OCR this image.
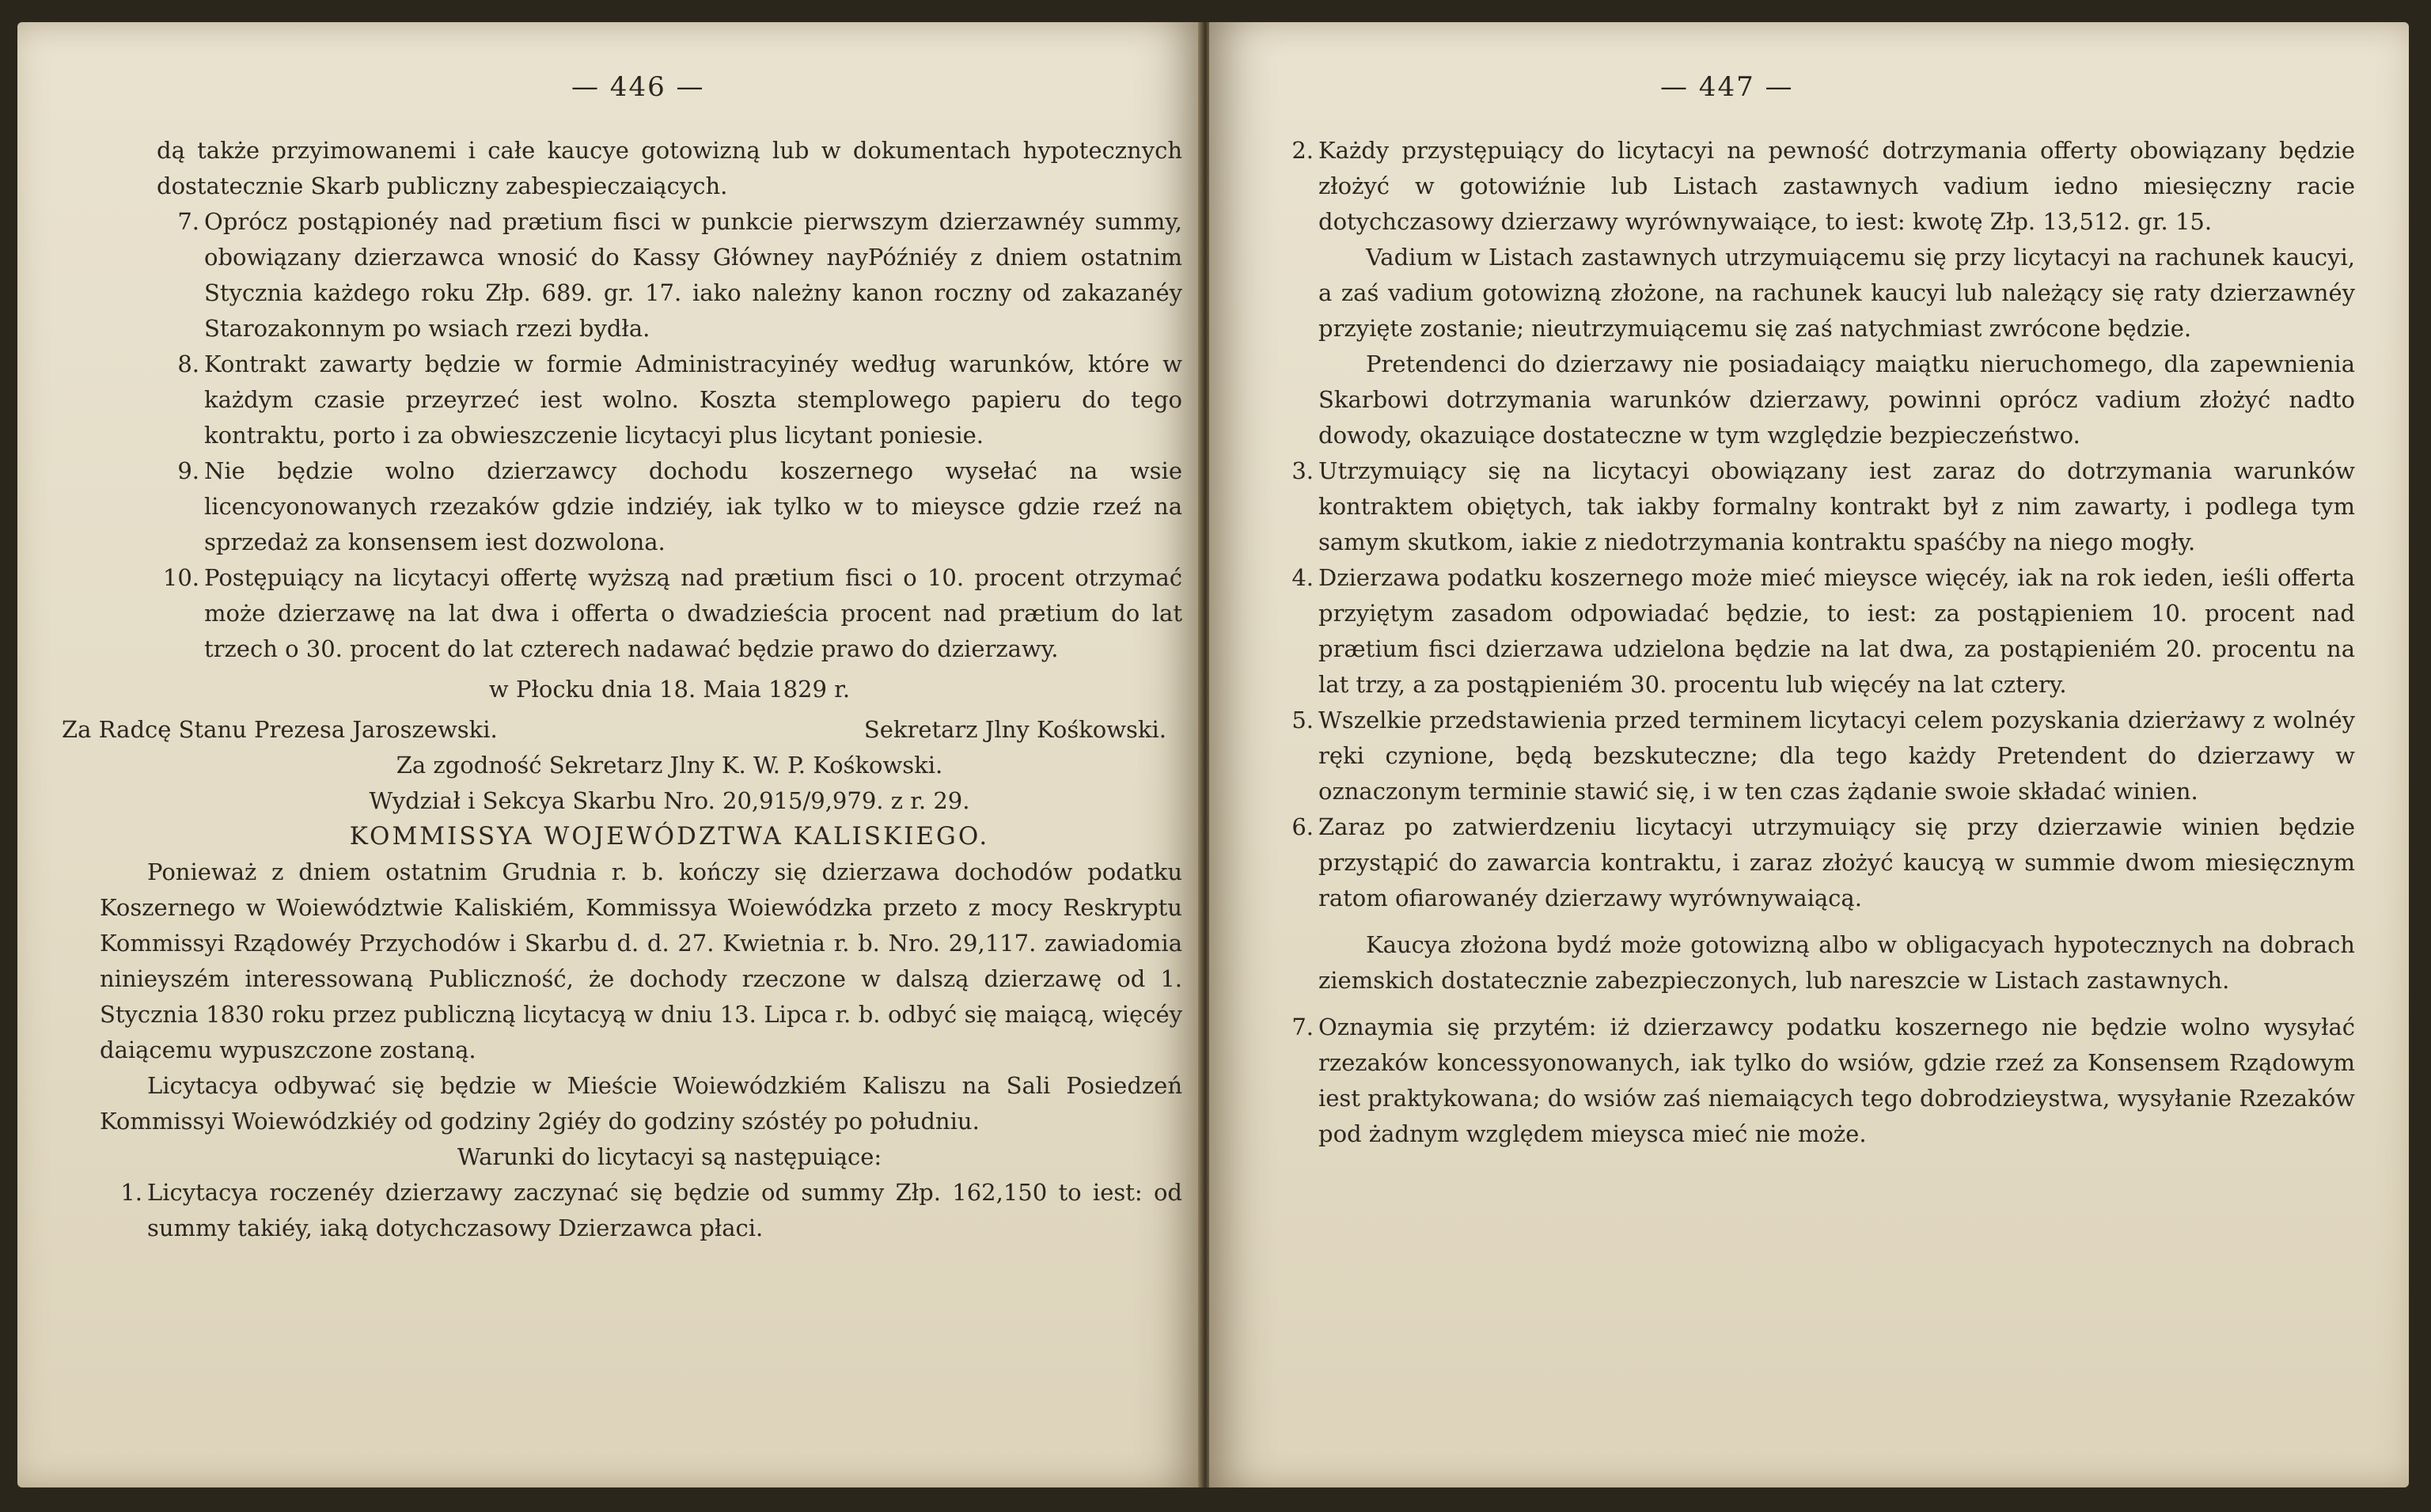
— 446 —

dą także przyimowanemi i całe kaucye gotowizną lub w dokumentach hypotecznych dostatecznie Skarb publiczny zabespieczaiących.

7. Oprócz postąpionéy nad prætium fisci w punkcie pierwszym dzierzawnéy summy, obowiązany dzierzawca wnosić do Kassy Główney nayPóźniéy z dniem ostatnim Stycznia każdego roku Złp. 689. gr. 17. iako należny kanon roczny od zakazanéy Starozakonnym po wsiach rzezi bydła.
8. Kontrakt zawarty będzie w formie Administracyinéy według warunków, które w każdym czasie przeyrzeć iest wolno. Koszta stemplowego papieru do tego kontraktu, porto i za obwieszczenie licytacyi plus licytant poniesie.
9. Nie będzie wolno dzierzawcy dochodu koszernego wysełać na wsie licencyonowanych rzezaków gdzie indziéy, iak tylko w to mieysce gdzie rzeź na sprzedaż za konsensem iest dozwolona.
10. Postępuiący na licytacyi offertę wyższą nad prætium fisci o 10. procent otrzymać może dzierzawę na lat dwa i offerta o dwadzieścia procent nad prætium do lat trzech o 30. procent do lat czterech nadawać będzie prawo do dzierzawy.

w Płocku dnia 18. Maia 1829 r.

Za Radcę Stanu Prezesa Jaroszewski.	Sekretarz Jlny Kośkowski.

Za zgodność Sekretarz Jlny K. W. P. Kośkowski.

Wydział i Sekcya Skarbu Nro. 20,915/9,979. z r. 29.

KOMMISSYA WOJEWÓDZTWA KALISKIEGO.

Ponieważ z dniem ostatnim Grudnia r. b. kończy się dzierzawa dochodów podatku Koszernego w Woiewództwie Kaliskiém, Kommissya Woiewódzka przeto z mocy Reskryptu Kommissyi Rządowéy Przychodów i Skarbu d. d. 27. Kwietnia r. b. Nro. 29,117. zawiadomia ninieyszém interessowaną Publiczność, że dochody rzeczone w dalszą dzierzawę od 1. Stycznia 1830 roku przez publiczną licytacyą w dniu 13. Lipca r. b. odbyć się maiącą, więcéy daiącemu wypuszczone zostaną.

Licytacya odbywać się będzie w Mieście Woiewódzkiém Kaliszu na Sali Posiedzeń Kommissyi Woiewódzkiéy od godziny 2giéy do godziny szóstéy po południu.

Warunki do licytacyi są następuiące:

1. Licytacya roczenéy dzierzawy zaczynać się będzie od summy Złp. 162,150 to iest: od summy takiéy, iaką dotychczasowy Dzierzawca płaci.
— 447 —
2. Każdy przystępuiący do licytacyi na pewność dotrzymania offerty obowiązany będzie złożyć w gotowiźnie lub Listach zastawnych vadium iedno miesięczny racie dotychczasowy dzierzawy wyrównywaiące, to iest: kwotę Złp. 13,512. gr. 15.

Vadium w Listach zastawnych utrzymuiącemu się przy licytacyi na rachunek kaucyi, a zaś vadium gotowizną złożone, na rachunek kaucyi lub należący się raty dzierzawnéy przyięte zostanie; nieutrzymuiącemu się zaś natychmiast zwrócone będzie.

Pretendenci do dzierzawy nie posiadaiący maiątku nieruchomego, dla zapewnienia Skarbowi dotrzymania warunków dzierzawy, powinni oprócz vadium złożyć nadto dowody, okazuiące dostateczne w tym względzie bezpieczeństwo.

3. Utrzymuiący się na licytacyi obowiązany iest zaraz do dotrzymania warunków kontraktem obiętych, tak iakby formalny kontrakt był z nim zawarty, i podlega tym samym skutkom, iakie z niedotrzymania kontraktu spaśćby na niego mogły.
4. Dzierzawa podatku koszernego może mieć mieysce więcéy, iak na rok ieden, ieśli offerta przyiętym zasadom odpowiadać będzie, to iest: za postąpieniem 10. procent nad prætium fisci dzierzawa udzielona będzie na lat dwa, za postąpieniém 20. procentu na lat trzy, a za postąpieniém 30. procentu lub więcéy na lat cztery.
5. Wszelkie przedstawienia przed terminem licytacyi celem pozyskania dzierżawy z wolnéy ręki czynione, będą bezskuteczne; dla tego każdy Pretendent do dzierzawy w oznaczonym terminie stawić się, i w ten czas żądanie swoie składać winien.
6. Zaraz po zatwierdzeniu licytacyi utrzymuiący się przy dzierzawie winien będzie przystąpić do zawarcia kontraktu, i zaraz złożyć kaucyą w summie dwom miesięcznym ratom ofiarowanéy dzierzawy wyrównywaiącą.

Kaucya złożona bydź może gotowizną albo w obligacyach hypotecznych na dobrach ziemskich dostatecznie zabezpieczonych, lub nareszcie w Listach zastawnych.

7. Oznaymia się przytém: iż dzierzawcy podatku koszernego nie będzie wolno wysyłać rzezaków koncessyonowanych, iak tylko do wsiów, gdzie rzeź za Konsensem Rządowym iest praktykowana; do wsiów zaś niemaiących tego dobrodzieystwa, wysyłanie Rzezaków pod żadnym względem mieysca mieć nie może.
